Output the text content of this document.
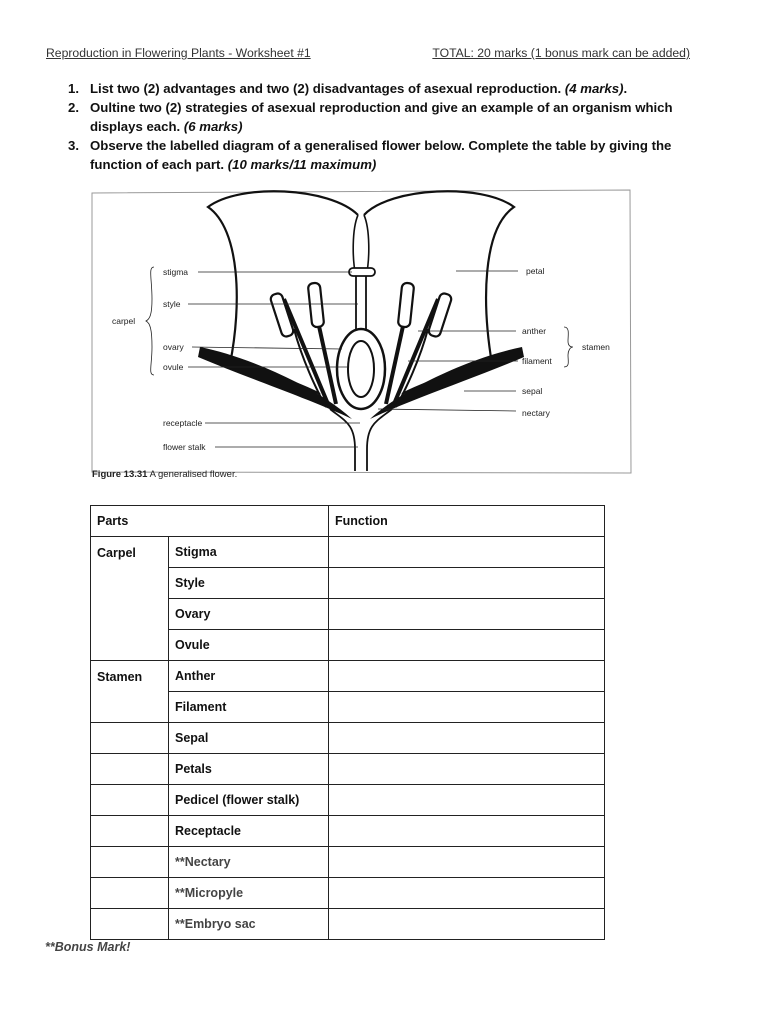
Reproduction in Flowering Plants - Worksheet #1	TOTAL: 20 marks (1 bonus mark can be added)
1. List two (2) advantages and two (2) disadvantages of asexual reproduction. (4 marks).
2. Oultine two (2) strategies of asexual reproduction and give an example of an organism which displays each. (6 marks)
3. Observe the labelled diagram of a generalised flower below. Complete the table by giving the function of each part. (10 marks/11 maximum)
stigma
style
carpel
ovary
ovule
receptacle
flower stalk
petal
anther
stamen
filament
sepal
nectary
Figure 13.31 A generalised flower.
Parts		Function
Carpel	Stigma	
	Style	
	Ovary	
	Ovule	
Stamen	Anther	
	Filament	
	Sepal	
	Petals	
	Pedicel (flower stalk)	
	Receptacle	
	**Nectary	
	**Micropyle	
	**Embryo sac	
**Bonus Mark!
